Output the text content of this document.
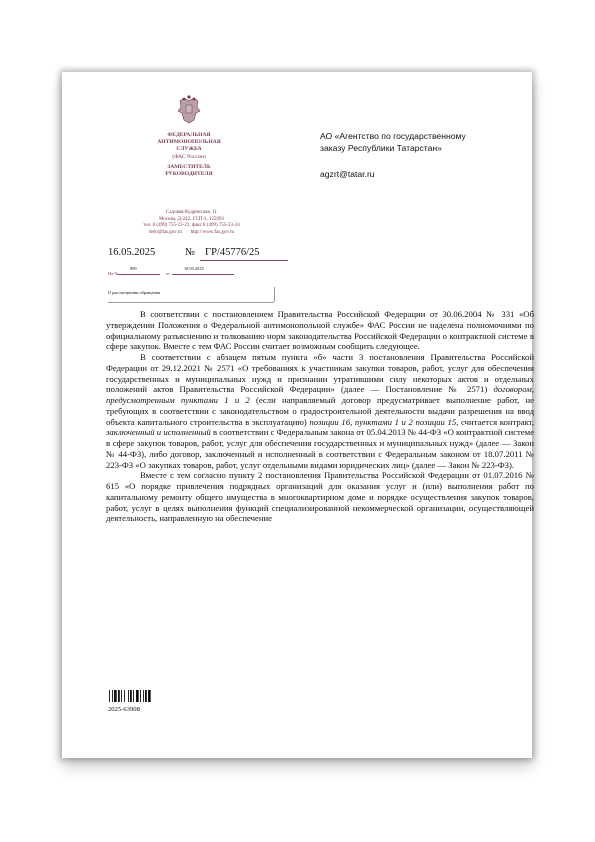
ФЕДЕРАЛЬНАЯ
АНТИМОНОПОЛЬНАЯ
СЛУЖБА
(ФАС России)
ЗАМЕСТИТЕЛЬ
РУКОВОДИТЕЛЯ
Садовая-Кудринская, 11
Москва, Д-242, ГСП-3, 125993
тел. 8 (499) 755-23-23, факс 8 (499) 755-23-24
delo@fas.gov.ru       http://www.fas.gov.ru
16.05.2025	№ ГР/45776/25
На №
909
от
18.03.2025
О рассмотрении обращения
АО «Агентство по государственному
заказу Республики Татарстан»
agzrt@tatar.ru

В соответствии с постановлением Правительства Российской Федерации от 30.06.2004 № 331 «Об утверждении Положения о Федеральной антимонопольной службе» ФАС России не наделена полномочиями по официальному разъяснению и толкованию норм законодательства Российской Федерации о контрактной системе в сфере закупок. Вместе с тем ФАС России считает возможным сообщить следующее.

В соответствии с абзацем пятым пункта «б» части 3 постановления Правительства Российской Федерации от 29.12.2021 № 2571 «О требованиях к участникам закупки товаров, работ, услуг для обеспечения государственных и муниципальных нужд и признании утратившими силу некоторых актов и отдельных положений актов Правительства Российской Федерации» (далее — Постановление № 2571) договором, предусмотренным пунктами 1 и 2 (если направляемый договор предусматривает выполнение работ, не требующих в соответствии с законодательством о градостроительной деятельности выдачи разрешения на ввод объекта капитального строительства в эксплуатацию) позиции 16, пунктами 1 и 2 позиции 15, считается контракт, заключенный и исполненный в соответствии с Федеральным закона от 05.04.2013 № 44-ФЗ «О контрактной системе в сфере закупок товаров, работ, услуг для обеспечения государственных и муниципальных нужд» (далее — Закон № 44-ФЗ), либо договор, заключенный и исполненный в соответствии с Федеральным законом от 18.07.2011 № 223-ФЗ «О закупках товаров, работ, услуг отдельными видами юридических лиц» (далее — Закон № 223-ФЗ).

Вместе с тем согласно пункту 2 постановления Правительства Российской Федерации от 01.07.2016 № 615 «О порядке привлечения подрядных организаций для оказания услуг и (или) выполнения работ по капитальному ремонту общего имущества в многоквартирном доме и порядке осуществления закупок товаров, работ, услуг в целях выполнения функций специализированной некоммерческой организации, осуществляющей деятельность, направленную на обеспечение

2025-63908
